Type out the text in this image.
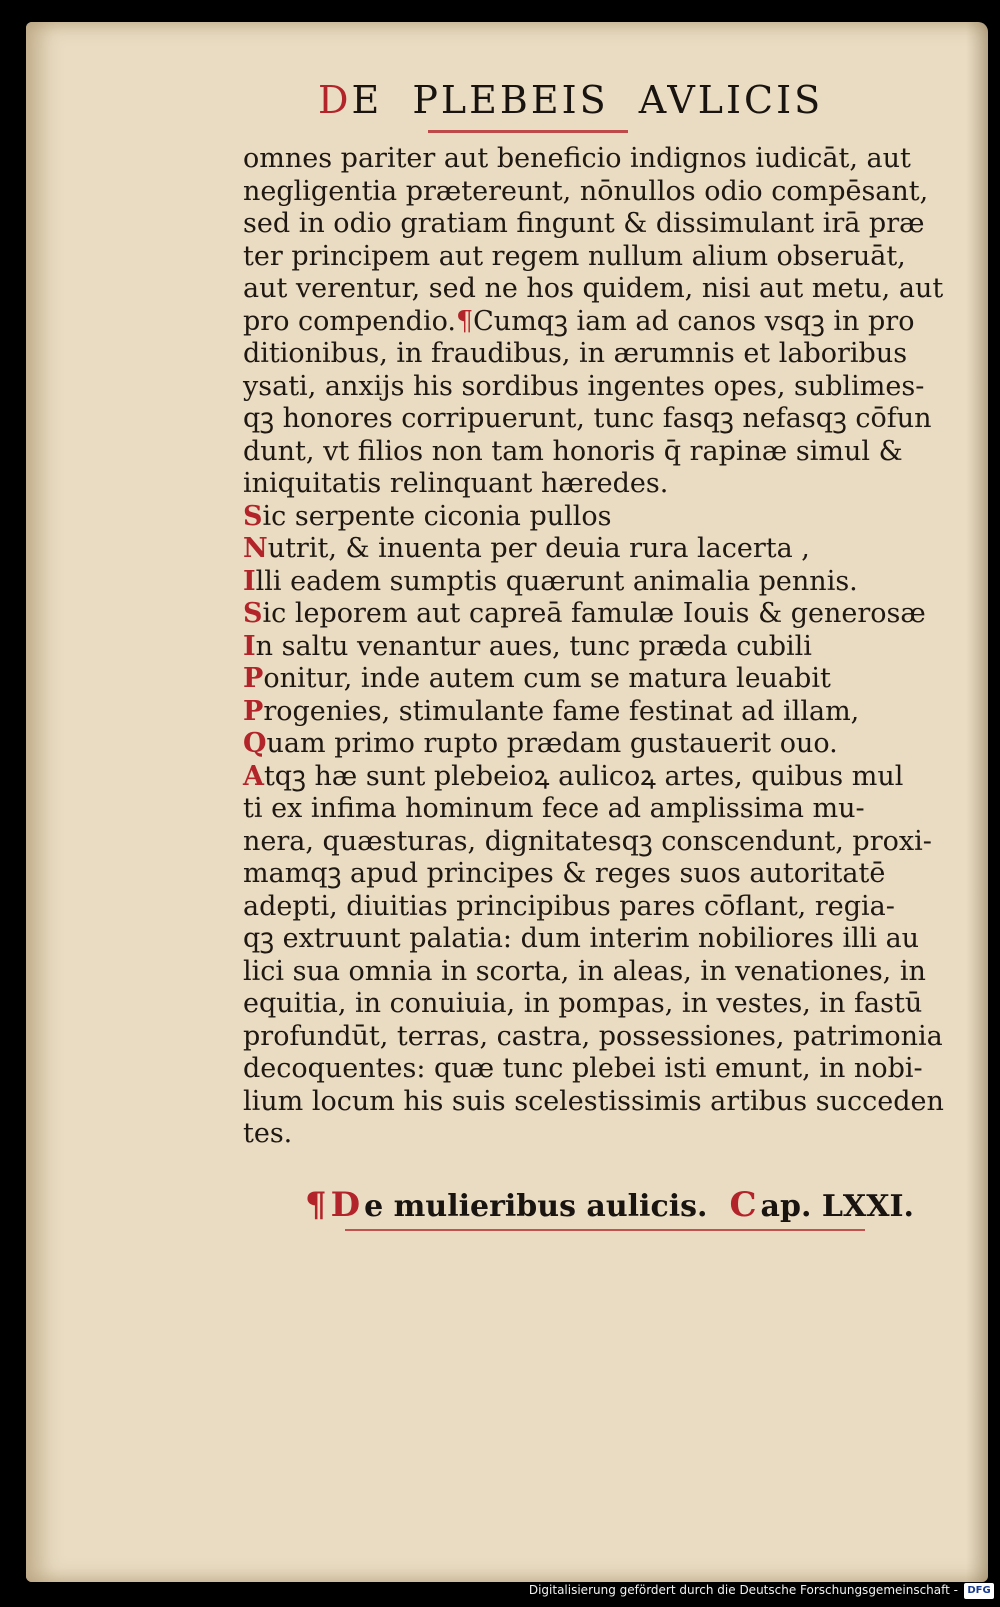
DE  PLEBEIS  AVLICIS
omnes pariter aut beneficio indignos iudicāt, aut
negligentia prætereunt, nōnullos odio compēsant,
sed in odio gratiam fingunt & dissimulant irā præ
ter principem aut regem nullum alium obseruāt,
aut verentur, sed ne hos quidem, nisi aut metu, aut
pro compendio.¶Cumqꝫ iam ad canos vsqꝫ in pro
ditionibus, in fraudibus, in ærumnis et laboribus
ysati, anxijs his sordibus ingentes opes, sublimes-
qꝫ honores corripuerunt, tunc fasqꝫ nefasqꝫ cōfun
dunt, vt filios non tam honoris q̄ rapinæ simul &
iniquitatis relinquant hæredes.
Sic serpente ciconia pullos
Nutrit, & inuenta per deuia rura lacerta ,
Illi eadem sumptis quærunt animalia pennis.
Sic leporem aut capreā famulæ Iouis & generosæ
In saltu venantur aues, tunc præda cubili
Ponitur, inde autem cum se matura leuabit
Progenies, stimulante fame festinat ad illam,
Quam primo rupto prædam gustauerit ouo.
Atqꝫ hæ sunt plebeioꝝ aulicoꝝ artes, quibus mul
ti ex infima hominum fece ad amplissima mu-
nera, quæsturas, dignitatesqꝫ conscendunt, proxi-
mamqꝫ apud principes & reges suos autoritatē
adepti, diuitias principibus pares cōflant, regia-
qꝫ extruunt palatia: dum interim nobiliores illi au
lici sua omnia in scorta, in aleas, in venationes, in
equitia, in conuiuia, in pompas, in vestes, in fastū
profundūt, terras, castra, possessiones, patrimonia
decoquentes: quæ tunc plebei isti emunt, in nobi-
lium locum his suis scelestissimis artibus succeden
tes.
¶ D e mulieribus aulicis. C ap. LXXI.
Digitalisierung gefördert durch die Deutsche Forschungsgemeinschaft - DFG
